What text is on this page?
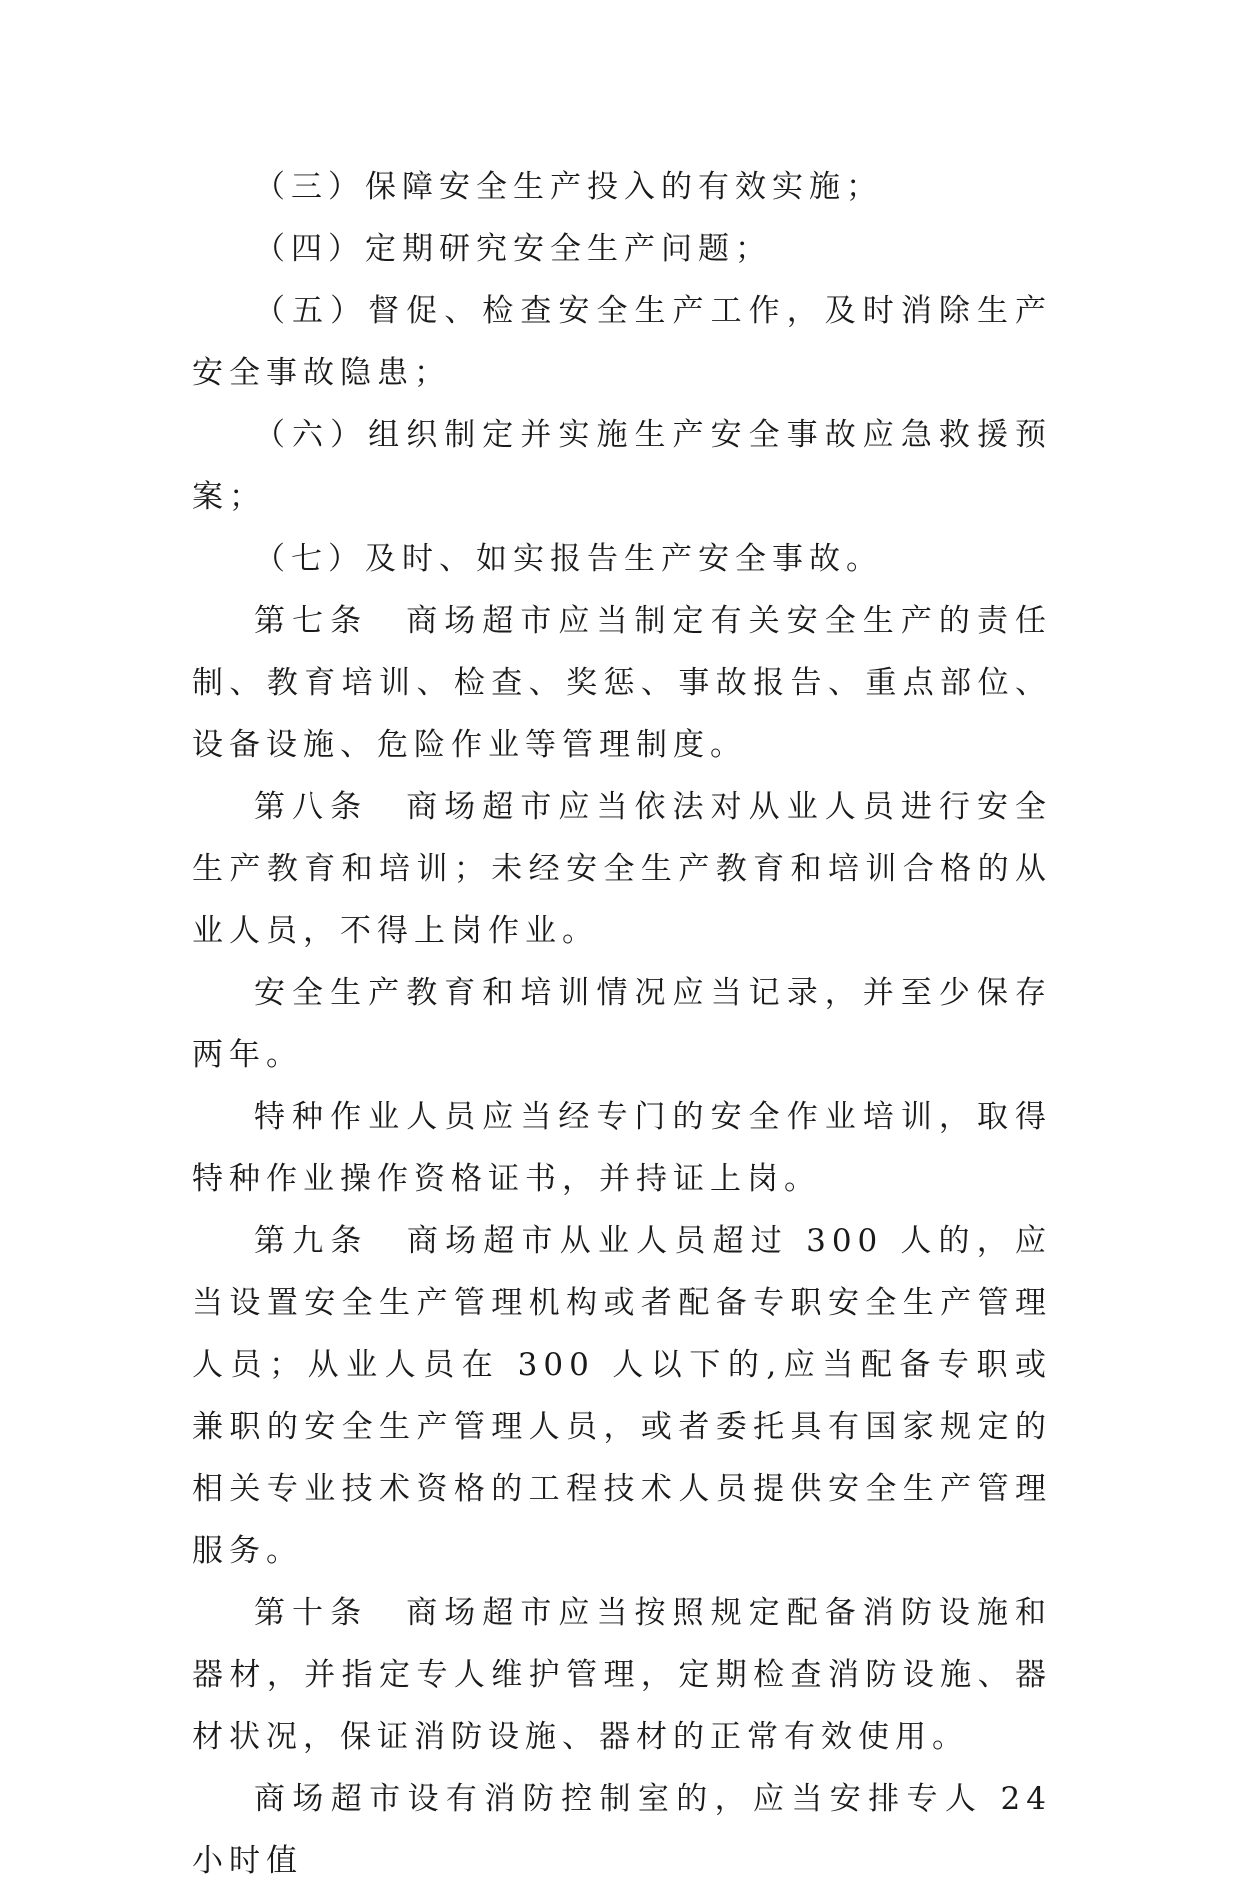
（三）保障安全生产投入的有效实施；

（四）定期研究安全生产问题；

（五）督促、检查安全生产工作，及时消除生产安全事故隐患；

（六）组织制定并实施生产安全事故应急救援预案；

（七）及时、如实报告生产安全事故。

第七条　商场超市应当制定有关安全生产的责任制、教育培训、检查、奖惩、事故报告、重点部位、设备设施、危险作业等管理制度。

第八条　商场超市应当依法对从业人员进行安全生产教育和培训；未经安全生产教育和培训合格的从业人员，不得上岗作业。

安全生产教育和培训情况应当记录，并至少保存两年。

特种作业人员应当经专门的安全作业培训，取得特种作业操作资格证书，并持证上岗。

第九条　商场超市从业人员超过 300 人的，应当设置安全生产管理机构或者配备专职安全生产管理人员；从业人员在 300 人以下的,应当配备专职或兼职的安全生产管理人员，或者委托具有国家规定的相关专业技术资格的工程技术人员提供安全生产管理服务。

第十条　商场超市应当按照规定配备消防设施和器材，并指定专人维护管理，定期检查消防设施、器材状况，保证消防设施、器材的正常有效使用。

商场超市设有消防控制室的，应当安排专人 24 小时值
